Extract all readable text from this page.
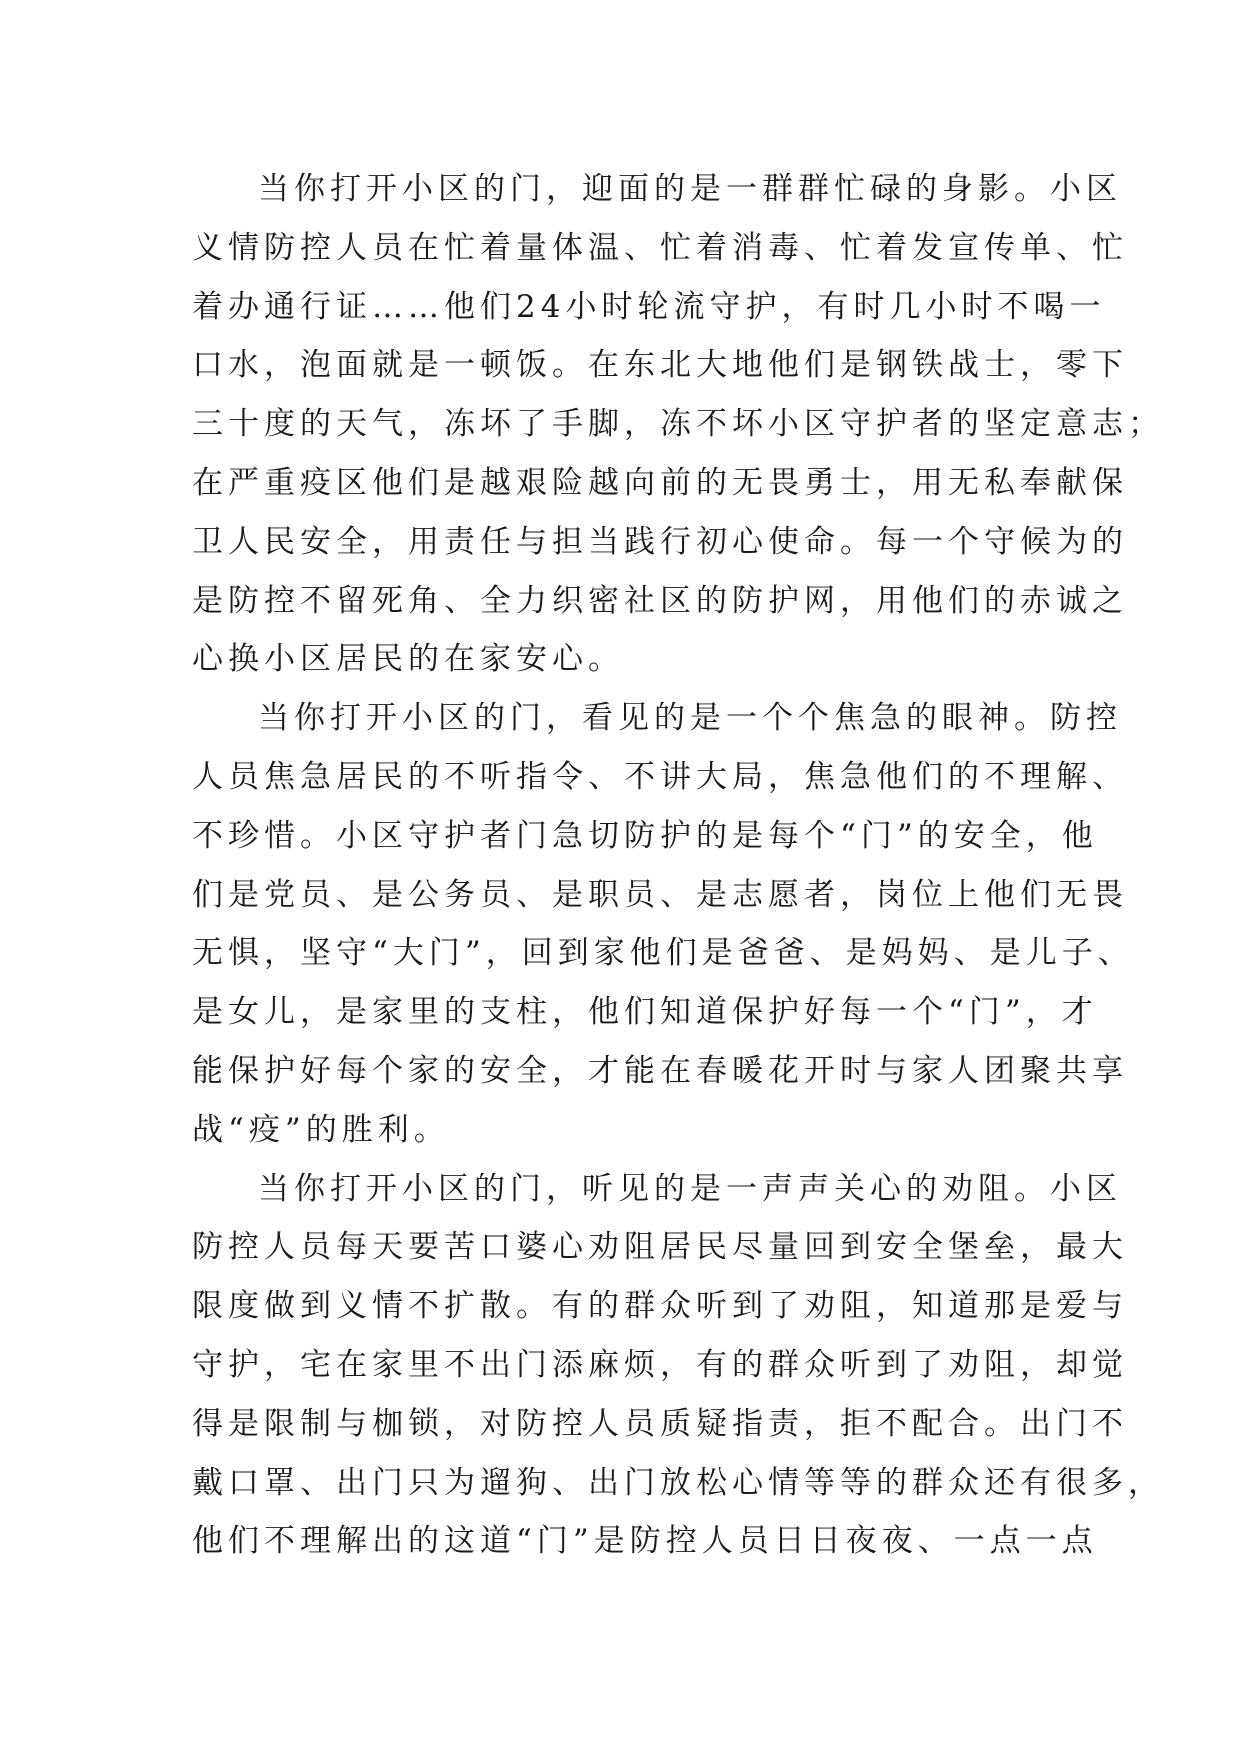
当你打开小区的门，迎面的是一群群忙碌的身影。小区
义情防控人员在忙着量体温、忙着消毒、忙着发宣传单、忙
着办通行证……他们24小时轮流守护，有时几小时不喝一
口水，泡面就是一顿饭。在东北大地他们是钢铁战士，零下
三十度的天气，冻坏了手脚，冻不坏小区守护者的坚定意志；
在严重疫区他们是越艰险越向前的无畏勇士，用无私奉献保
卫人民安全，用责任与担当践行初心使命。每一个守候为的
是防控不留死角、全力织密社区的防护网，用他们的赤诚之
心换小区居民的在家安心。
当你打开小区的门，看见的是一个个焦急的眼神。防控
人员焦急居民的不听指令、不讲大局，焦急他们的不理解、
不珍惜。小区守护者门急切防护的是每个“门”的安全，他
们是党员、是公务员、是职员、是志愿者，岗位上他们无畏
无惧，坚守“大门”，回到家他们是爸爸、是妈妈、是儿子、
是女儿，是家里的支柱，他们知道保护好每一个“门”，才
能保护好每个家的安全，才能在春暖花开时与家人团聚共享
战“疫”的胜利。
当你打开小区的门，听见的是一声声关心的劝阻。小区
防控人员每天要苦口婆心劝阻居民尽量回到安全堡垒，最大
限度做到义情不扩散。有的群众听到了劝阻，知道那是爱与
守护，宅在家里不出门添麻烦，有的群众听到了劝阻，却觉
得是限制与枷锁，对防控人员质疑指责，拒不配合。出门不
戴口罩、出门只为遛狗、出门放松心情等等的群众还有很多，
他们不理解出的这道“门”是防控人员日日夜夜、一点一点
